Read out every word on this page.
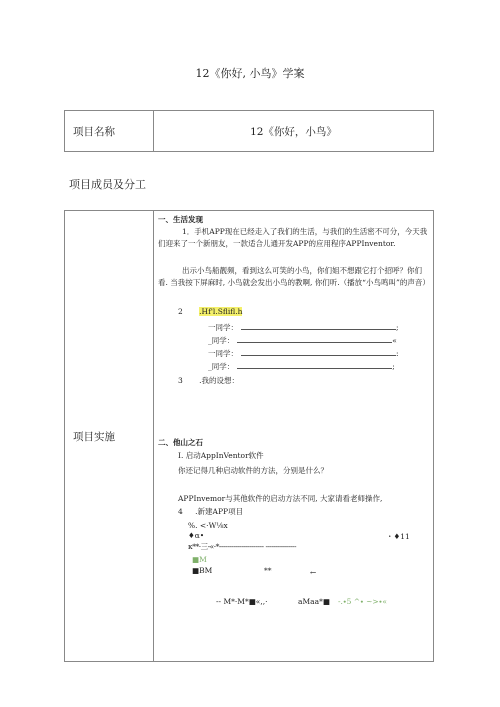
12《你好, 小鸟》学案
项目名称	12《你好，小鸟》
项目成员及分工
项目实施	
一、生活发现
1．手机APP现在已经走入了我们的生活，与我们的生活密不可分，今天我们迎来了一个新朋友，一款适合儿通开发APP的应用程序APPInventor.
出示小鸟船靓频，看到这么可笑的小鸟，你们姐不想跟它打个招呼？你们看. 当我按下屏麻时, 小鸟就会发出小鸟的教啊, 你们听.（播放“小鸟鸣叫”的声音）
2 .Hf'l.Sflifl.h
一同学：	;
_同学：	«
一同学：	:
_同学：	;
3 .我的设想：
二、他山之石
I. 启动AppInVentor软件
你还记得几种启动软件的方法，分别是什么？
APPInvemor与其他软件的启动方法不同, 大家请看老师操作,
4 .新建APP项目
%. <·W⅛x
♦α•	・♦11
κ**·三-«·*---------------------- ---------------
■M
■BM	**	←
-- M*·M*■«,,·	aMaa*■ -.∙5 ^∙ ~>∙«
